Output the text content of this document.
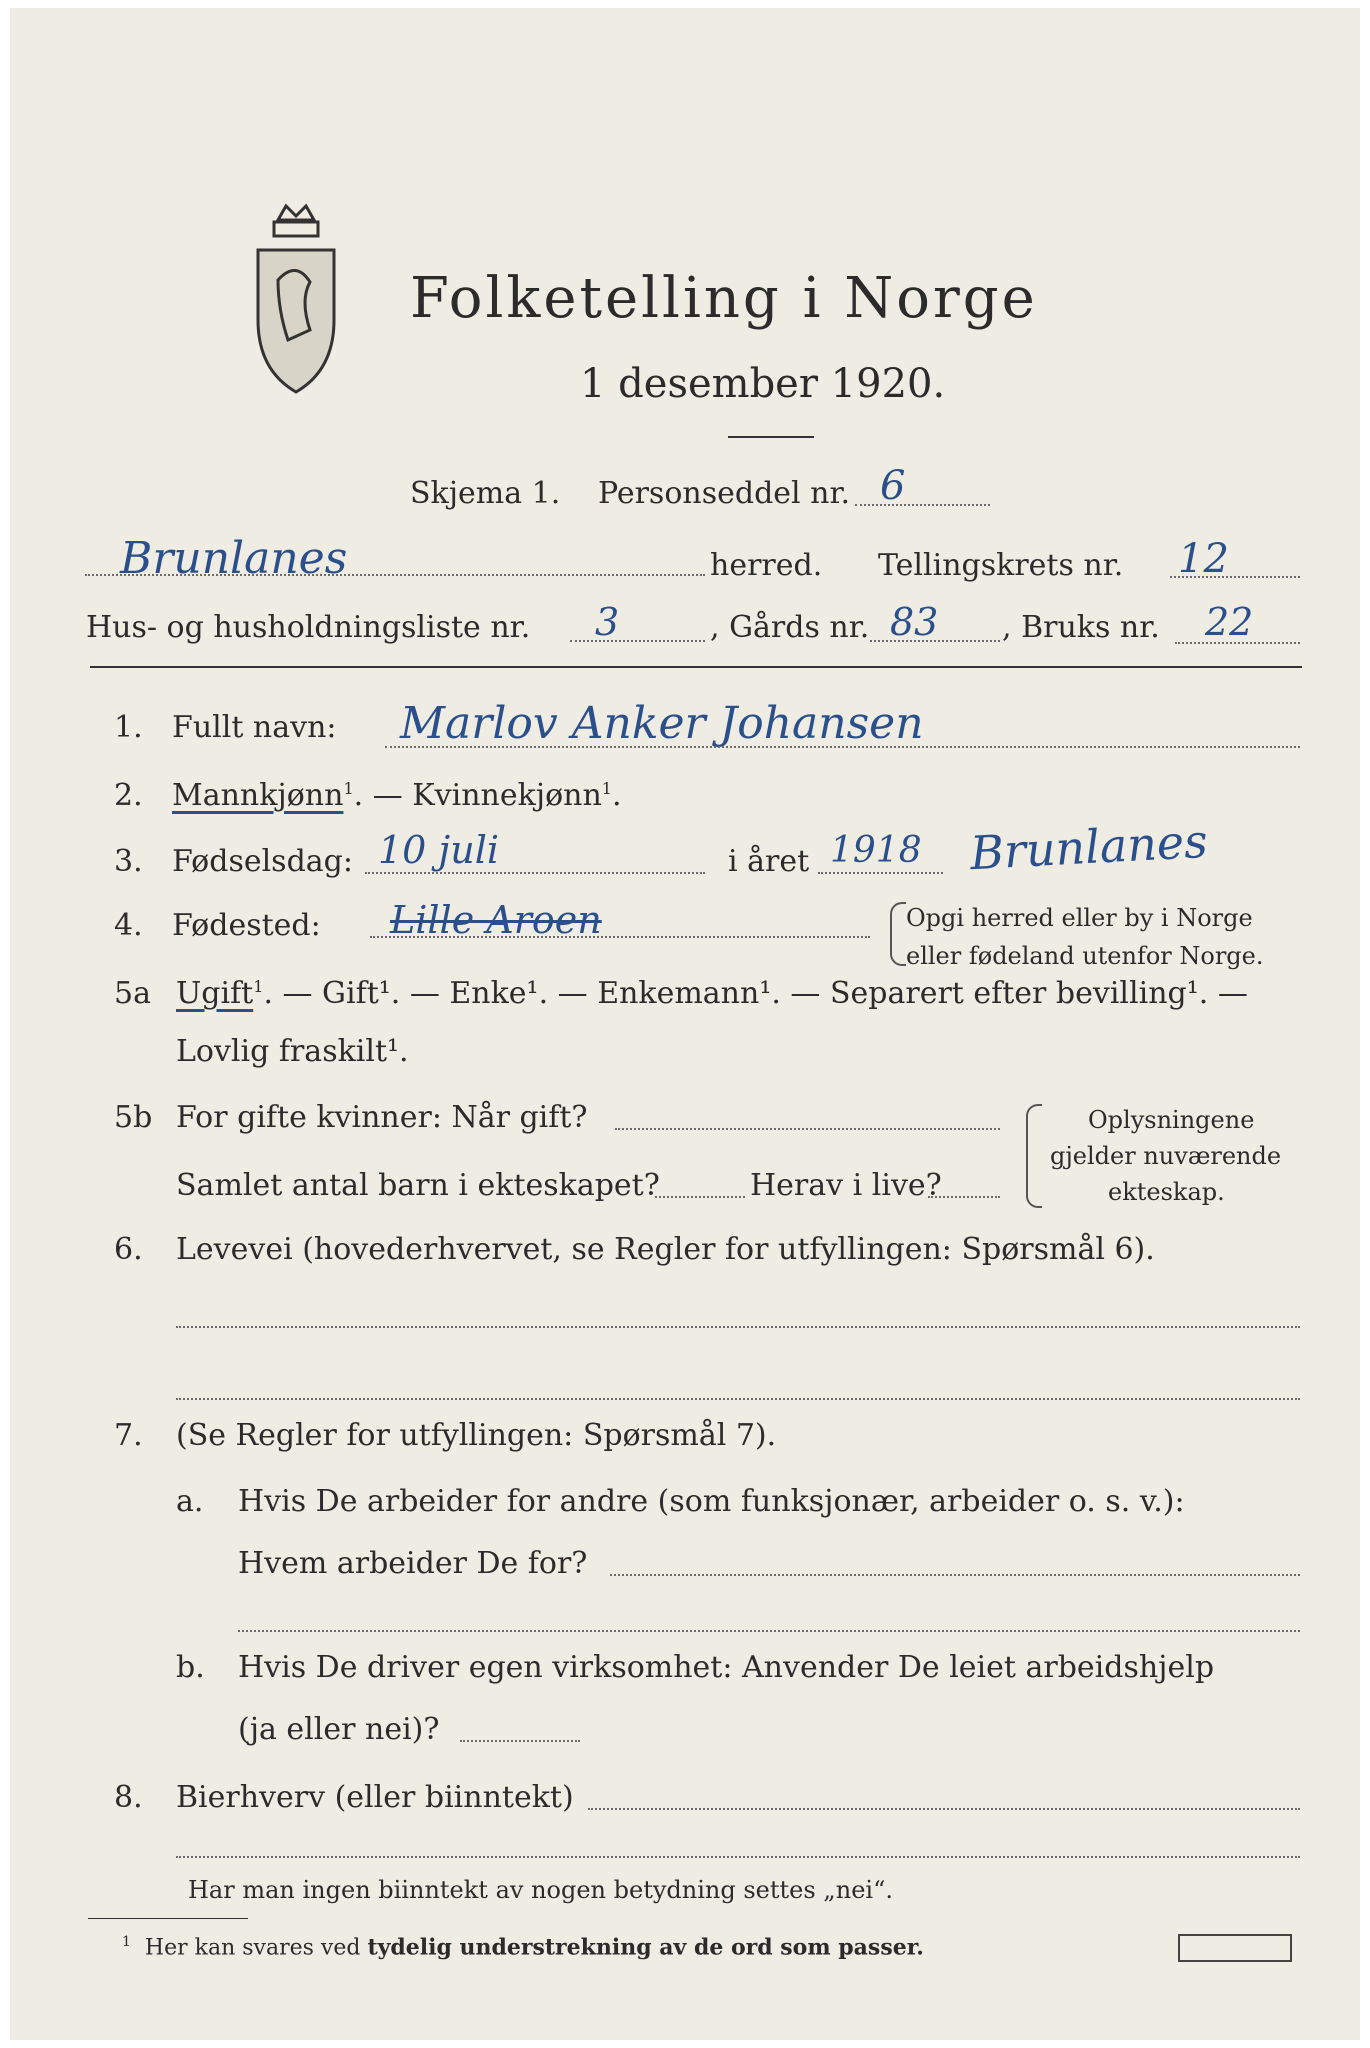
Folketelling i Norge
1 desember 1920.
Skjema 1. Personseddel nr. 6
Brunlanes	herred. Tellingskrets nr. 12
Hus- og husholdningsliste nr. 3	, Gårds nr. 83 , Bruks nr. 22
1. Fullt navn: Marlov Anker Johansen
2. Mannkjønn$^1$. — Kvinnekjønn$^1$.
3. Fødselsdag: 10 juli	i året 1918 Brunlanes
4. Fødested: Lille Aroen	Opgi herred eller by i Norge
eller fødeland utenfor Norge.
5a Ugift$^1$. — Gift¹. — Enke¹. — Enkemann¹. — Separert efter bevilling¹. —
Lovlig fraskilt¹.
5b For gifte kvinner: Når gift?
Samlet antal barn i ekteskapet?	Herav i live?
Oplysningene
gjelder nuværende
ekteskap.
6. Levevei (hovederhvervet, se Regler for utfyllingen: Spørsmål 6).
7. (Se Regler for utfyllingen: Spørsmål 7).
a. Hvis De arbeider for andre (som funksjonær, arbeider o. s. v.):
Hvem arbeider De for?
b. Hvis De driver egen virksomhet: Anvender De leiet arbeidshjelp
(ja eller nei)?
8. Bierhverv (eller biinntekt)
Har man ingen biinntekt av nogen betydning settes „nei“.
$^1$ Her kan svares ved tydelig understrekning av de ord som passer.
